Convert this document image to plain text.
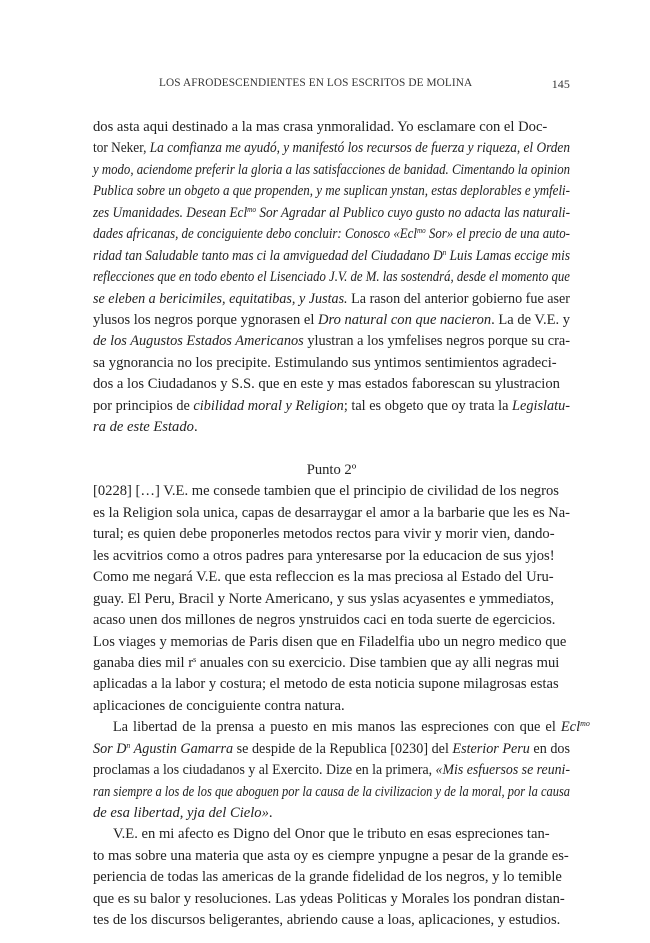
LOS AFRODESCENDIENTES EN LOS ESCRITOS DE MOLINA	145
dos asta aqui destinado a la mas crasa ynmoralidad. Yo esclamare con el Doc-
tor Neker, La comfianza me ayudó, y manifestó los recursos de fuerza y riqueza, el Orden
y modo, aciendome preferir la gloria a las satisfacciones de banidad. Cimentando la opinion
Publica sobre un obgeto a que propenden, y me suplican ynstan, estas deplorables e ymfeli-
zes Umanidades. Desean Ecl$^{mo}$ Sor Agradar al Publico cuyo gusto no adacta las naturali-
dades africanas, de conciguiente debo concluir: Conosco «Ecl$^{mo}$ Sor» el precio de una auto-
ridad tan Saludable tanto mas ci la amviguedad del Ciudadano $D^n$ Luis Lamas eccige mis
reflecciones que en todo ebento el Lisenciado J.V. de M. las sostendrá, desde el momento que
se eleben a bericimiles, equitatibas, y Justas. La rason del anterior gobierno fue aser
ylusos los negros porque ygnorasen el Dro natural con que nacieron. La de V.E. y
de los Augustos Estados Americanos ylustran a los ymfelises negros porque su cra-
sa ygnorancia no los precipite. Estimulando sus yntimos sentimientos agradeci-
dos a los Ciudadanos y S.S. que en este y mas estados faborescan su ylustracion
por principios de cibilidad moral y Religion; tal es obgeto que oy trata la Legislatu-
ra de este Estado.
Punto 2º
[0228] […] V.E. me consede tambien que el principio de civilidad de los negros
es la Religion sola unica, capas de desarraygar el amor a la barbarie que les es Na-
tural; es quien debe proponerles metodos rectos para vivir y morir vien, dando-
les acvitrios como a otros padres para ynteresarse por la educacion de sus yjos!
Como me negará V.E. que esta refleccion es la mas preciosa al Estado del Uru-
guay. El Peru, Bracil y Norte Americano, y sus yslas acyasentes e ymmediatos,
acaso unen dos millones de negros ynstruidos caci en toda suerte de egercicios.
Los viages y memorias de Paris disen que en Filadelfia ubo un negro medico que
ganaba dies mil $r^s$ anuales con su exercicio. Dise tambien que ay alli negras mui
aplicadas a la labor y costura; el metodo de esta noticia supone milagrosas estas
aplicaciones de conciguiente contra natura.
La libertad de la prensa a puesto en mis manos las espreciones con que el Ecl$^{mo}$
Sor $D^n$ Agustin Gamarra se despide de la Republica [0230] del Esterior Peru en dos
proclamas a los ciudadanos y al Exercito. Dize en la primera, «Mis esfuersos se reuni-
ran siempre a los de los que aboguen por la causa de la civilizacion y de la moral, por la causa
de esa libertad, yja del Cielo».
V.E. en mi afecto es Digno del Onor que le tributo en esas espreciones tan-
to mas sobre una materia que asta oy es ciempre ynpugne a pesar de la grande es-
periencia de todas las americas de la grande fidelidad de los negros, y lo temible
que es su balor y resoluciones. Las ydeas Politicas y Morales los pondran distan-
tes de los discursos beligerantes, abriendo cause a loas, aplicaciones, y estudios.
